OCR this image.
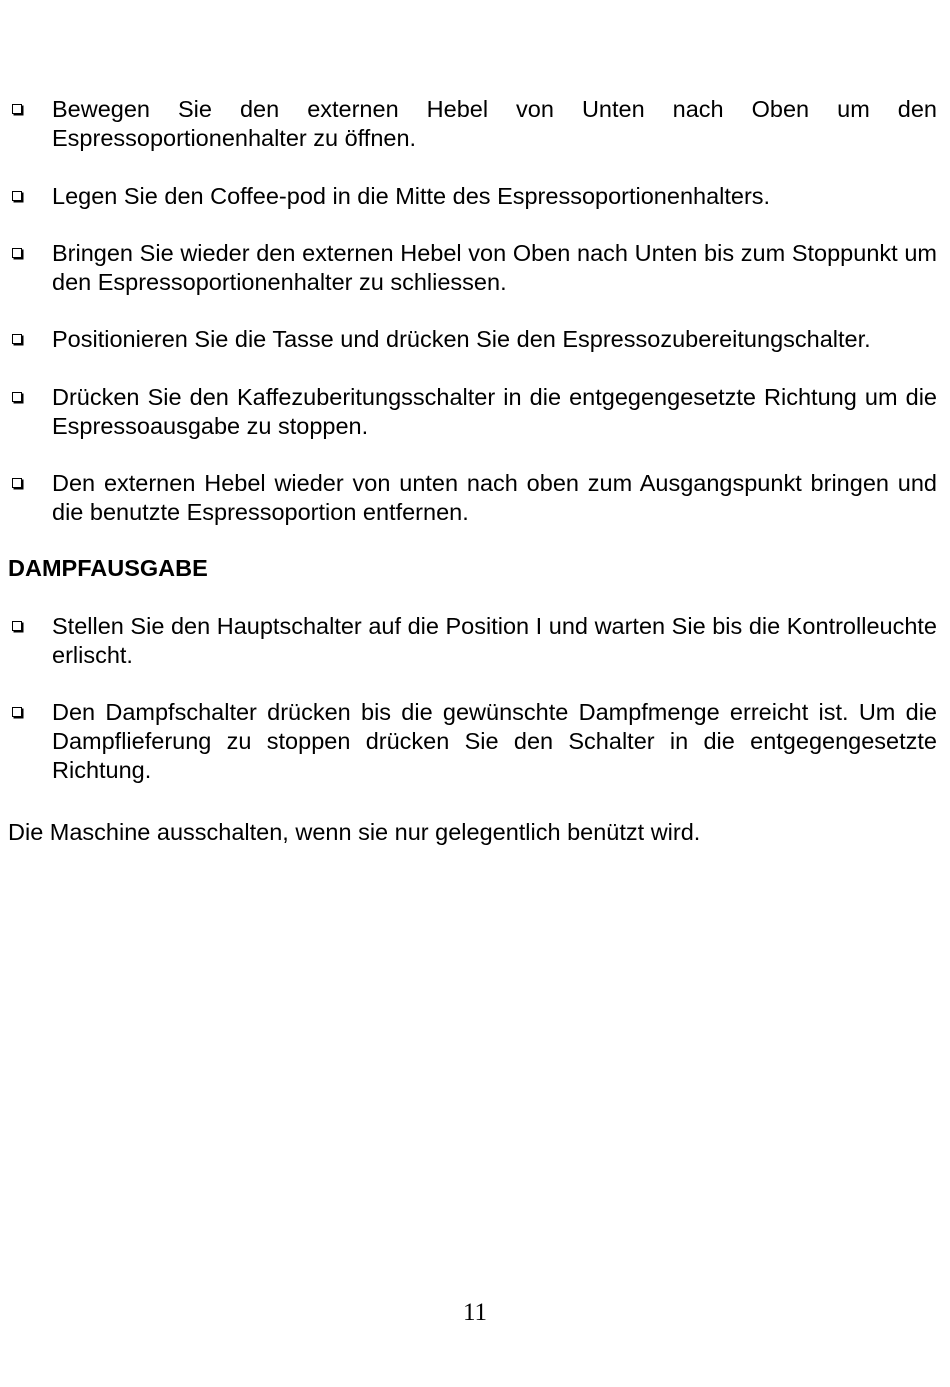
Bewegen Sie den externen Hebel von Unten nach Oben um den Espressoportionenhalter zu öffnen.
Legen Sie den Coffee-pod in die Mitte des Espressoportionenhalters.
Bringen Sie wieder den externen Hebel von Oben nach Unten bis zum Stoppunkt um den Espressoportionenhalter zu schliessen.
Positionieren Sie die Tasse und drücken Sie den Espressozubereitungschalter.
Drücken Sie den Kaffezuberitungsschalter in die entgegengesetzte Richtung um die Espressoausgabe zu stoppen.
Den externen Hebel wieder von unten nach oben zum Ausgangspunkt bringen und die benutzte Espressoportion entfernen.
DAMPFAUSGABE
Stellen Sie den Hauptschalter auf die Position I und warten Sie bis die Kontrolleuchte erlischt.
Den Dampfschalter drücken bis die gewünschte Dampfmenge erreicht ist. Um die Dampflieferung zu stoppen drücken Sie den Schalter in die entgegengesetzte Richtung.
Die Maschine ausschalten, wenn sie nur gelegentlich benützt wird.
11
